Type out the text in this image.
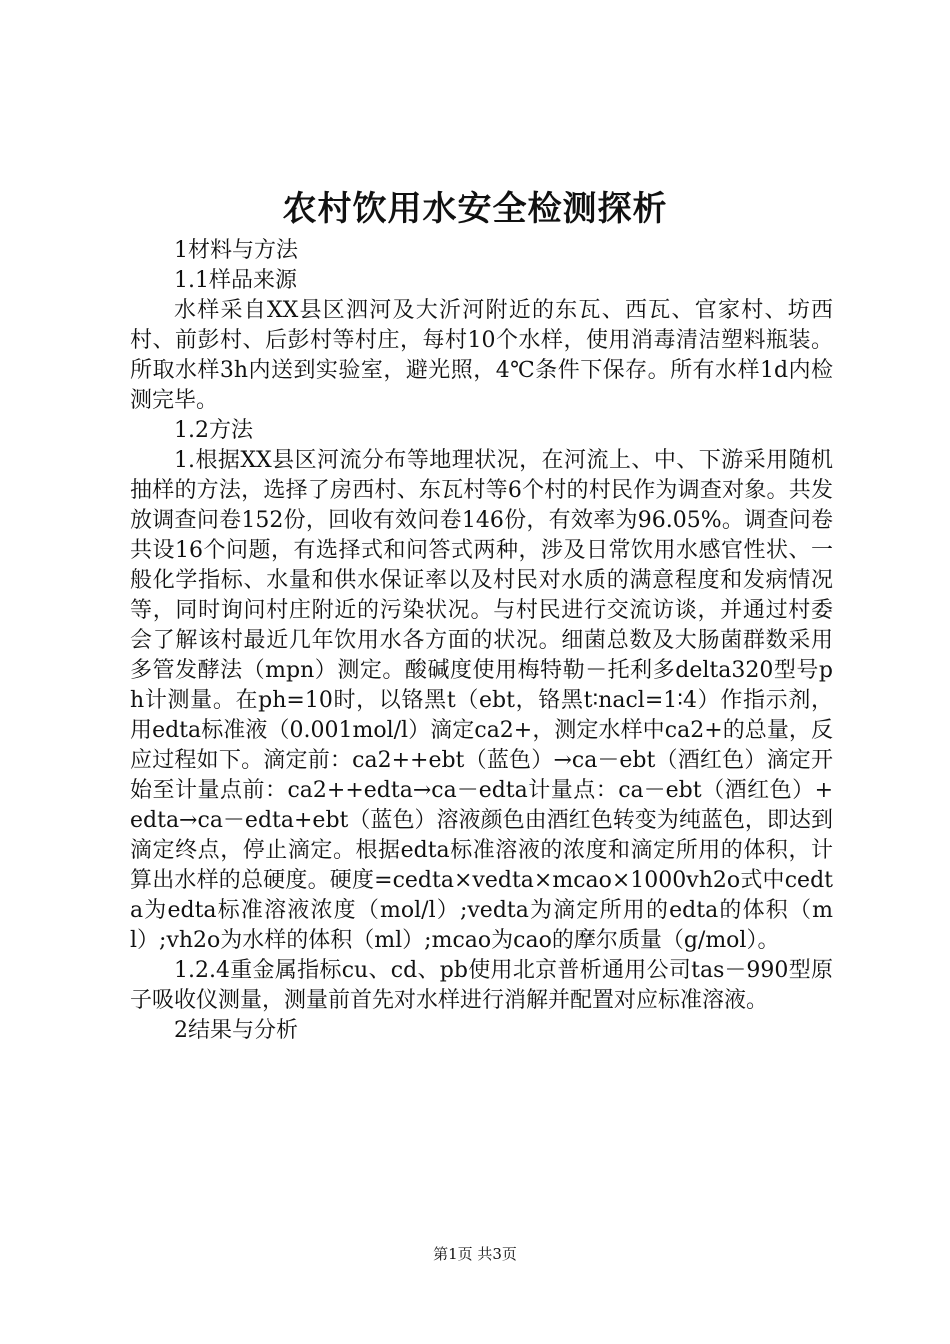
农村饮用水安全检测探析

1材料与方法

1.1样品来源

水样采自XX县区泗河及大沂河附近的东瓦、西瓦、官家村、坊西村、前彭村、后彭村等村庄，每村10个水样，使用消毒清洁塑料瓶装。所取水样3h内送到实验室，避光照，4℃条件下保存。所有水样1d内检测完毕。

1.2方法

1.根据XX县区河流分布等地理状况，在河流上、中、下游采用随机抽样的方法，选择了房西村、东瓦村等6个村的村民作为调查对象。共发放调查问卷152份，回收有效问卷146份，有效率为96.05%。调查问卷共设16个问题，有选择式和问答式两种，涉及日常饮用水感官性状、一般化学指标、水量和供水保证率以及村民对水质的满意程度和发病情况等，同时询问村庄附近的污染状况。与村民进行交流访谈，并通过村委会了解该村最近几年饮用水各方面的状况。细菌总数及大肠菌群数采用多管发酵法（mpn）测定。酸碱度使用梅特勒－托利多delta320型号ph计测量。在ph=10时，以铬黑t（ebt，铬黑t∶nacl=1∶4）作指示剂，用edta标准液（0.001mol/l）滴定ca2+，测定水样中ca2+的总量，反应过程如下。滴定前：ca2++ebt（蓝色）→ca－ebt（酒红色）滴定开始至计量点前：ca2++edta→ca－edta计量点：ca－ebt（酒红色）+edta→ca－edta+ebt（蓝色）溶液颜色由酒红色转变为纯蓝色，即达到滴定终点，停止滴定。根据edta标准溶液的浓度和滴定所用的体积，计算出水样的总硬度。硬度=cedta×vedta×mcao×1000vh2o式中cedta为edta标准溶液浓度（mol/l）;vedta为滴定所用的edta的体积（ml）;vh2o为水样的体积（ml）;mcao为cao的摩尔质量（g/mol）。

1.2.4重金属指标cu、cd、pb使用北京普析通用公司tas－990型原子吸收仪测量，测量前首先对水样进行消解并配置对应标准溶液。

2结果与分析

第1页 共3页
